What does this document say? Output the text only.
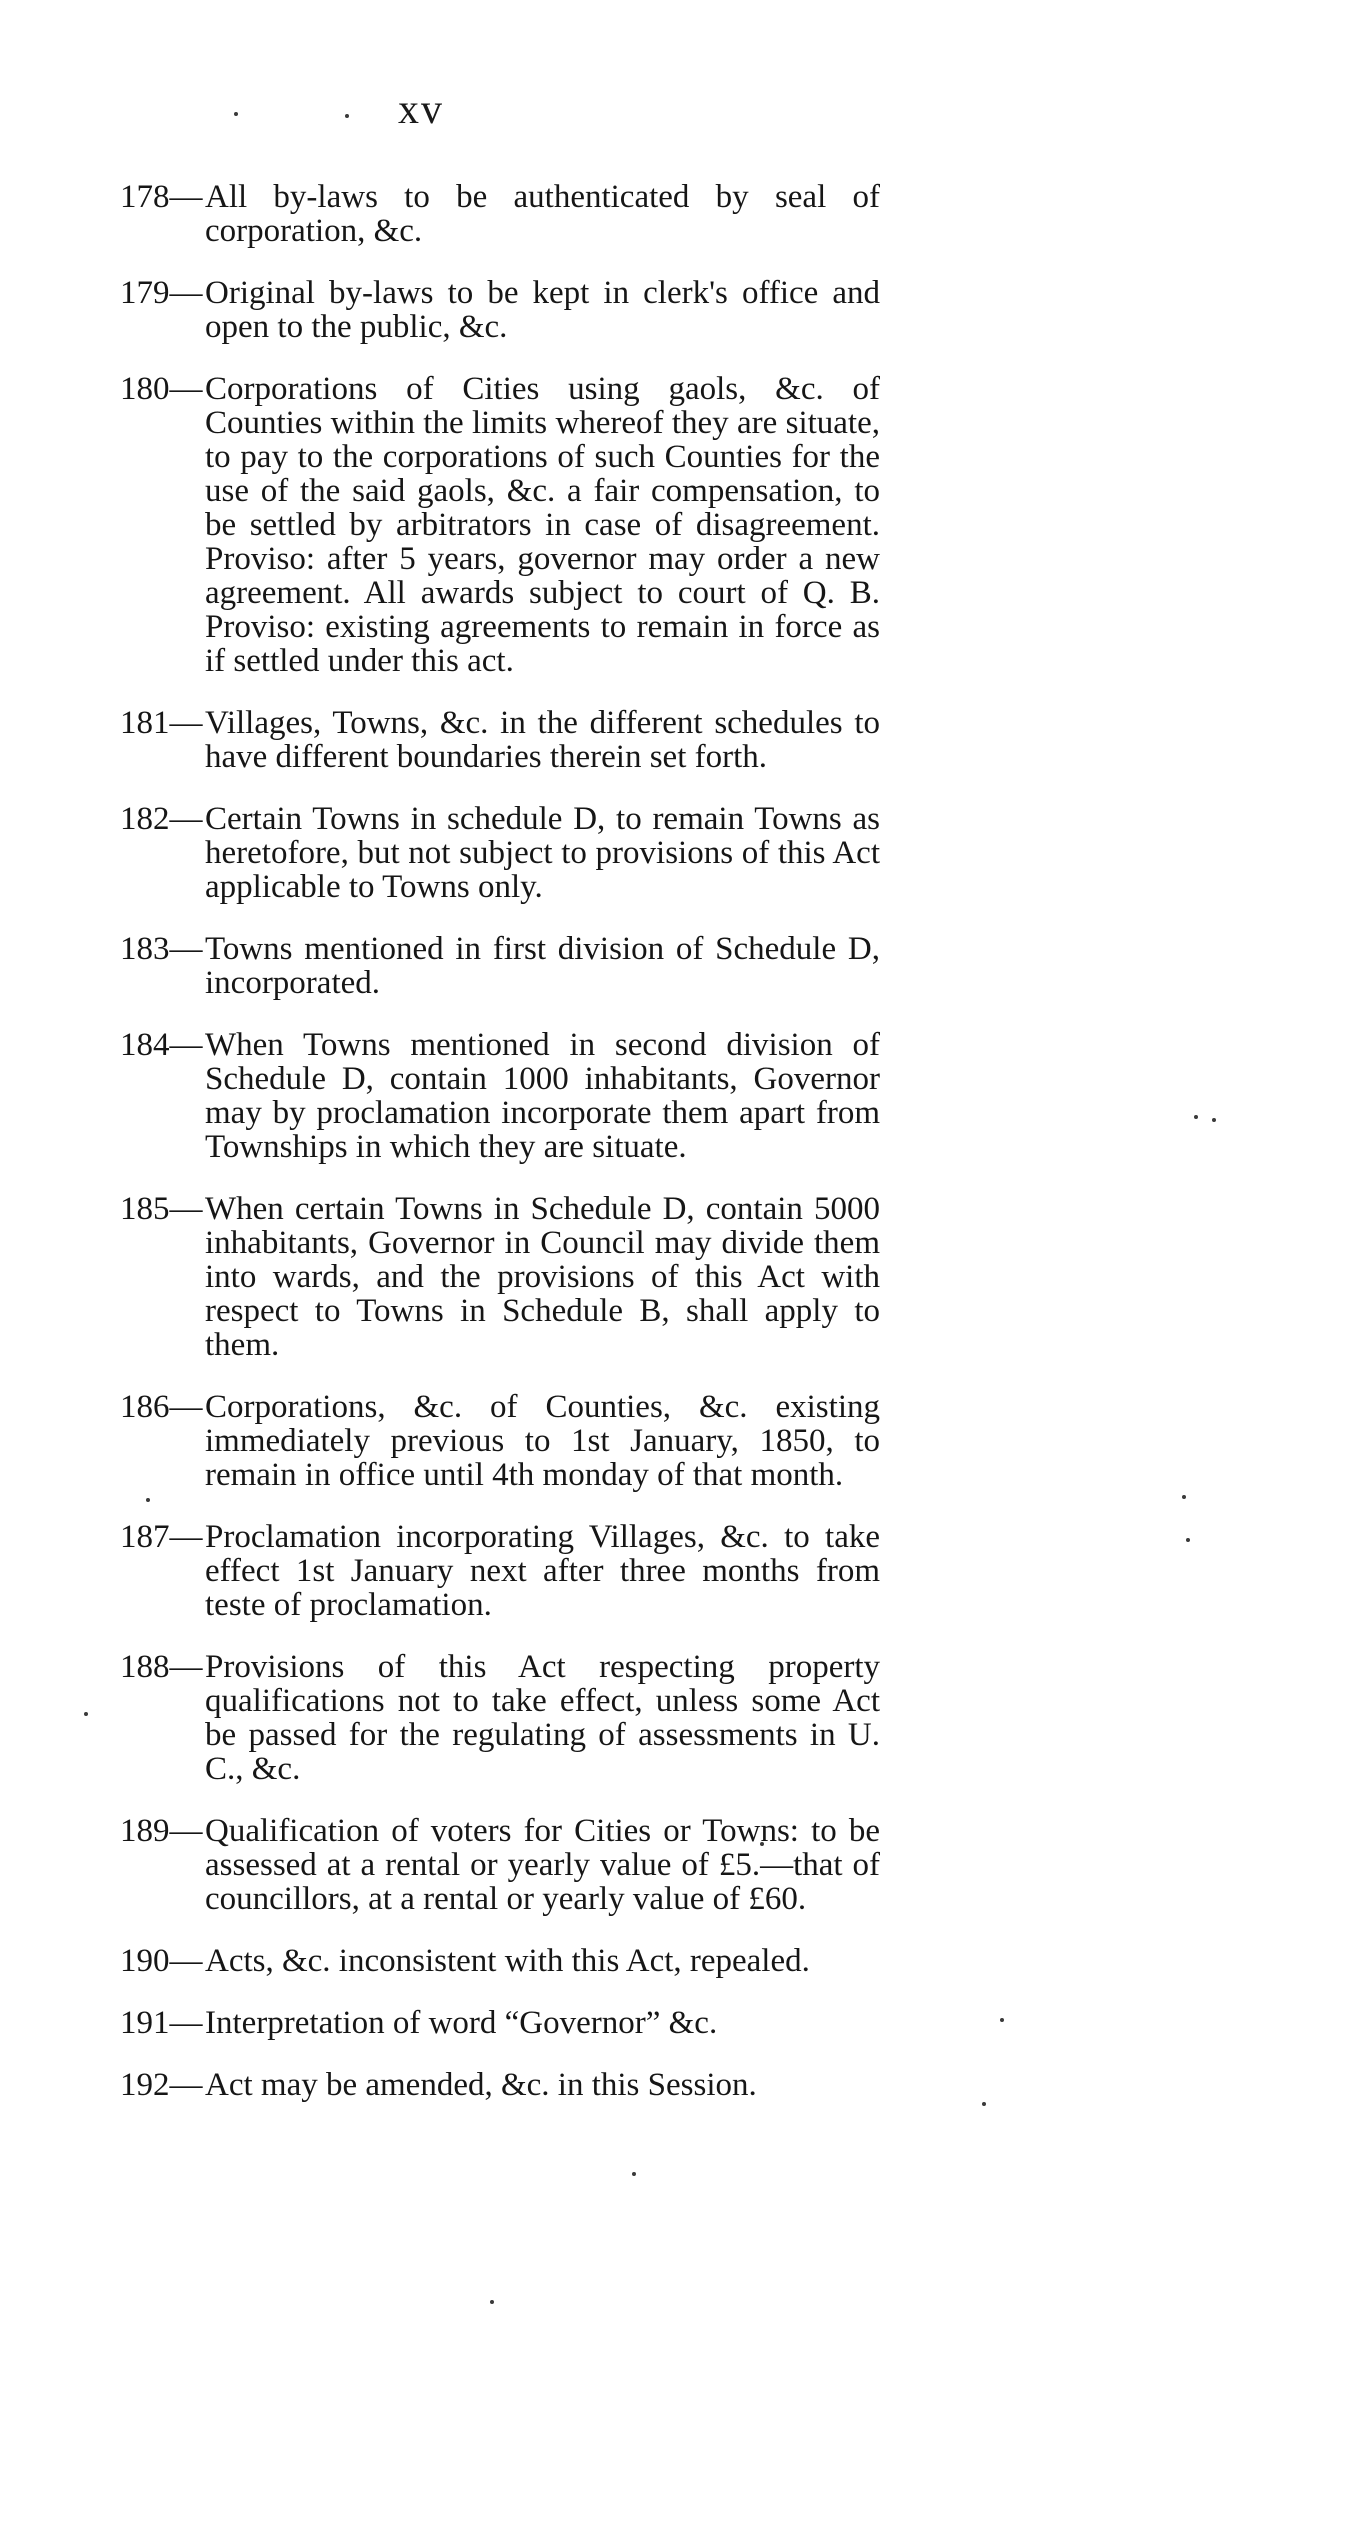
xv
178— All by-laws to be authenticated by seal of corporation, &c.
179— Original by-laws to be kept in clerk's office and open to the public, &c.
180— Corporations of Cities using gaols, &c. of Counties within the limits whereof they are situate, to pay to the corporations of such Counties for the use of the said gaols, &c. a fair compensation, to be settled by arbitrators in case of disagreement. Proviso: after 5 years, governor may order a new agreement. All awards subject to court of Q. B. Proviso: existing agreements to remain in force as if settled under this act.
181— Villages, Towns, &c. in the different schedules to have different boundaries therein set forth.
182— Certain Towns in schedule D, to remain Towns as heretofore, but not subject to provisions of this Act applicable to Towns only.
183— Towns mentioned in first division of Schedule D, incorporated.
184— When Towns mentioned in second division of Schedule D, contain 1000 inhabitants, Governor may by proclamation incorporate them apart from Townships in which they are situate.
185— When certain Towns in Schedule D, contain 5000 inhabitants, Governor in Council may divide them into wards, and the provisions of this Act with respect to Towns in Schedule B, shall apply to them.
186— Corporations, &c. of Counties, &c. existing immediately previous to 1st January, 1850, to remain in office until 4th monday of that month.
187— Proclamation incorporating Villages, &c. to take effect 1st January next after three months from teste of proclamation.
188— Provisions of this Act respecting property qualifications not to take effect, unless some Act be passed for the regulating of assessments in U. C., &c.
189— Qualification of voters for Cities or Towns: to be assessed at a rental or yearly value of £5.—that of councillors, at a rental or yearly value of £60.
190— Acts, &c. inconsistent with this Act, repealed.
191— Interpretation of word “Governor” &c.
192— Act may be amended, &c. in this Session.
